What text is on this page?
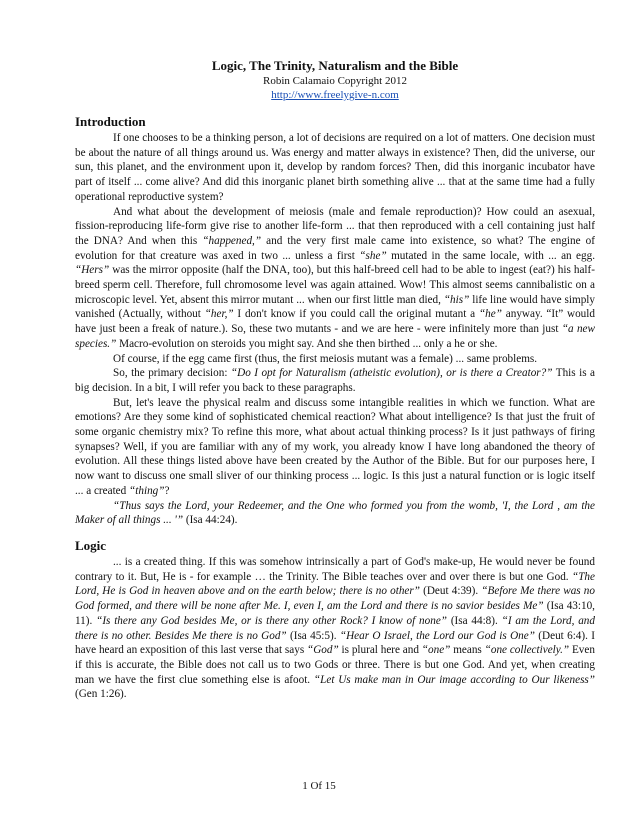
Logic, The Trinity, Naturalism and the Bible

Robin Calamaio Copyright 2012

http://www.freelygive-n.com

Introduction

If one chooses to be a thinking person, a lot of decisions are required on a lot of matters. One decision must be about the nature of all things around us. Was energy and matter always in existence? Then, did the universe, our sun, this planet, and the environment upon it, develop by random forces? Then, did this inorganic incubator have part of itself ... come alive? And did this inorganic planet birth something alive ... that at the same time had a fully operational reproductive system?

And what about the development of meiosis (male and female reproduction)? How could an asexual, fission-reproducing life-form give rise to another life-form ... that then reproduced with a cell containing just half the DNA? And when this “happened,” and the very first male came into existence, so what? The engine of evolution for that creature was axed in two ... unless a first “she” mutated in the same locale, with ... an egg. “Hers” was the mirror opposite (half the DNA, too), but this half-breed cell had to be able to ingest (eat?) his half-breed sperm cell. Therefore, full chromosome level was again attained. Wow! This almost seems cannibalistic on a microscopic level. Yet, absent this mirror mutant ... when our first little man died, “his” life line would have simply vanished (Actually, without “her,” I don't know if you could call the original mutant a “he” anyway. “It” would have just been a freak of nature.). So, these two mutants - and we are here - were infinitely more than just “a new species.” Macro-evolution on steroids you might say. And she then birthed ... only a he or she.

Of course, if the egg came first (thus, the first meiosis mutant was a female) ... same problems.

So, the primary decision: “Do I opt for Naturalism (atheistic evolution), or is there a Creator?” This is a big decision. In a bit, I will refer you back to these paragraphs.

But, let's leave the physical realm and discuss some intangible realities in which we function. What are emotions? Are they some kind of sophisticated chemical reaction? What about intelligence? Is that just the fruit of some organic chemistry mix? To refine this more, what about actual thinking process? Is it just pathways of firing synapses? Well, if you are familiar with any of my work, you already know I have long abandoned the theory of evolution. All these things listed above have been created by the Author of the Bible. But for our purposes here, I now want to discuss one small sliver of our thinking process ... logic. Is this just a natural function or is logic itself ... a created “thing”?

“Thus says the Lord, your Redeemer, and the One who formed you from the womb, 'I, the Lord , am the Maker of all things ... '” (Isa 44:24).

Logic

... is a created thing. If this was somehow intrinsically a part of God's make-up, He would never be found contrary to it. But, He is - for example … the Trinity. The Bible teaches over and over there is but one God. “The Lord, He is God in heaven above and on the earth below; there is no other” (Deut 4:39). “Before Me there was no God formed, and there will be none after Me. I, even I, am the Lord and there is no savior besides Me” (Isa 43:10, 11). “Is there any God besides Me, or is there any other Rock? I know of none” (Isa 44:8). “I am the Lord, and there is no other. Besides Me there is no God” (Isa 45:5). “Hear O Israel, the Lord our God is One” (Deut 6:4). I have heard an exposition of this last verse that says “God” is plural here and “one” means “one collectively.” Even if this is accurate, the Bible does not call us to two Gods or three. There is but one God. And yet, when creating man we have the first clue something else is afoot. “Let Us make man in Our image according to Our likeness” (Gen 1:26).

1 Of 15
